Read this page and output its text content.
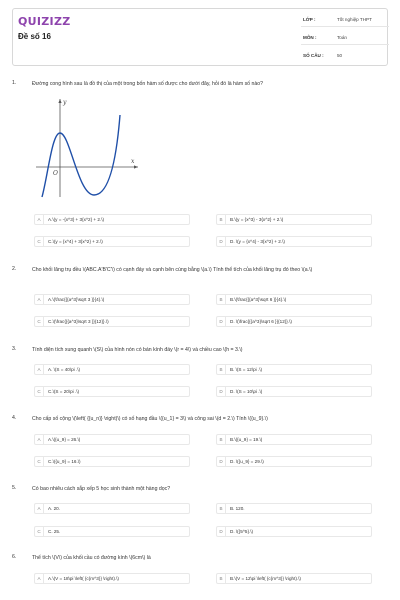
QUIZIZZ
Đề số 16
LỚP :	Tốt nghiệp THPT
MÔN :	Toán
SỐ CÂU :	50
1.	Đường cong hình sau là đồ thị của một trong bốn hàm số được cho dưới đây, hỏi đó là hàm số nào?
y
x
O
A	A.\(y = -{x^3} + 3{x^2} + 2.\)	B	B.\(y = {x^3} - 3{x^2} + 2.\)
C	C.\(y = {x^4} + 3{x^2} + 2.\)	D	D. \(y = {x^4} - 3{x^2} + 2.\)
2.	Cho khối lăng trụ đều \(ABC.A'B'C'\) có cạnh đáy và cạnh bên cùng bằng \(a.\) Tính thể tích của khối lăng trụ đó theo \(a.\)
A	A.\(\frac{{{a^3}\sqrt 3 }}{4}.\)	B	B.\(\frac{{{a^3}\sqrt 6 }}{4}.\)
C	C.\(\frac{{{a^3}\sqrt 3 }}{12}}.\)	D	D. \(\frac{{{a^3}\sqrt 6 }}{12}}.\)
3.	Tính diện tích xung quanh \(S\) của hình nón có bán kính đáy \(r = 4\) và chiều cao \(h = 3.\)
A	A. \(S = 40\pi .\)	B	B. \(S = 12\pi .\)
C	C.\(S = 20\pi .\)	D	D. \(S = 10\pi .\)
4.	Cho cấp số cộng \(\left( {{u_n}} \right)\) có số hạng đầu \({u_1} = 3\) và công sai \(d = 2.\) Tính \({u_9}.\)
A	A.\({u_9} = 26.\)	B	B.\({u_9} = 19.\)
C	C.\({u_9} = 16.\)	D	D. \({u_9} = 29.\)
5.	Có bao nhiêu cách sắp xếp 5 học sinh thành một hàng dọc?
A	A. 20.	B	B. 120.
C	C. 25.	D	D. \({5^5}.\)
6.	Thể tích \(V\) của khối cầu có đường kính \(6cm\) là
A	A.\(V = 18\pi \left( {c{m^3}} \right).\)	B	B.\(V = 12\pi \left( {c{m^3}} \right).\)
